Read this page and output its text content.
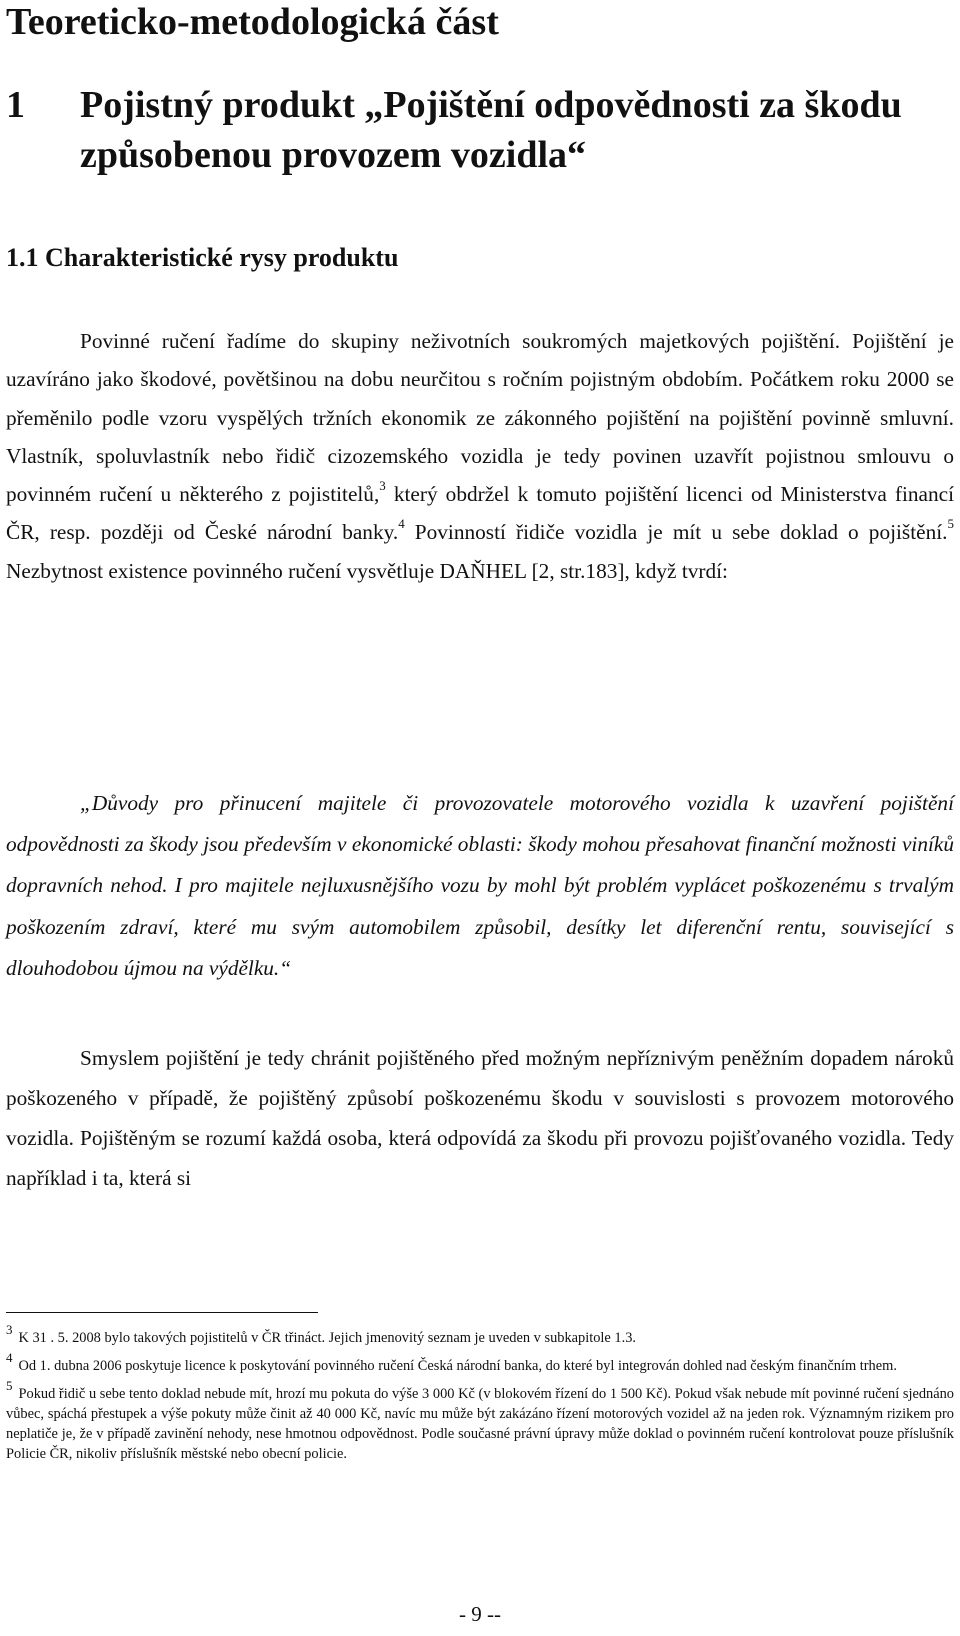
Teoreticko-metodologická část
1 Pojistný produkt „Pojištění odpovědnosti za škodu způsobenou provozem vozidla“
1.1 Charakteristické rysy produktu

Povinné ručení řadíme do skupiny neživotních soukromých majetkových pojištění. Pojištění je uzavíráno jako škodové, povětšinou na dobu neurčitou s ročním pojistným obdobím. Počátkem roku 2000 se přeměnilo podle vzoru vyspělých tržních ekonomik ze zákonného pojištění na pojištění povinně smluvní. Vlastník, spoluvlastník nebo řidič cizozemského vozidla je tedy povinen uzavřít pojistnou smlouvu o povinném ručení u některého z pojistitelů,$^3$ který obdržel k tomuto pojištění licenci od Ministerstva financí ČR, resp. později od České národní banky.$^4$ Povinností řidiče vozidla je mít u sebe doklad o pojištění.$^5$ Nezbytnost existence povinného ručení vysvětluje DAŇHEL [2, str.183], když tvrdí:

„Důvody pro přinucení majitele či provozovatele motorového vozidla k uzavření pojištění odpovědnosti za škody jsou především v ekonomické oblasti: škody mohou přesahovat finanční možnosti viníků dopravních nehod. I pro majitele nejluxusnějšího vozu by mohl být problém vyplácet poškozenému s trvalým poškozením zdraví, které mu svým automobilem způsobil, desítky let diferenční rentu, související s dlouhodobou újmou na výdělku.“

Smyslem pojištění je tedy chránit pojištěného před možným nepříznivým peněžním dopadem nároků poškozeného v případě, že pojištěný způsobí poškozenému škodu v souvislosti s provozem motorového vozidla. Pojištěným se rozumí každá osoba, která odpovídá za škodu při provozu pojišťovaného vozidla. Tedy například i ta, která si

3K 31 . 5. 2008 bylo takových pojistitelů v ČR třináct. Jejich jmenovitý seznam je uveden v subkapitole 1.3.

4Od 1. dubna 2006 poskytuje licence k poskytování povinného ručení Česká národní banka, do které byl integrován dohled nad českým finančním trhem.

5Pokud řidič u sebe tento doklad nebude mít, hrozí mu pokuta do výše 3 000 Kč (v blokovém řízení do 1 500 Kč). Pokud však nebude mít povinné ručení sjednáno vůbec, spáchá přestupek a výše pokuty může činit až 40 000 Kč, navíc mu může být zakázáno řízení motorových vozidel až na jeden rok. Významným rizikem pro neplatiče je, že v případě zavinění nehody, nese hmotnou odpovědnost. Podle současné právní úpravy může doklad o povinném ručení kontrolovat pouze příslušník Policie ČR, nikoliv příslušník městské nebo obecní policie.

- 9 --
